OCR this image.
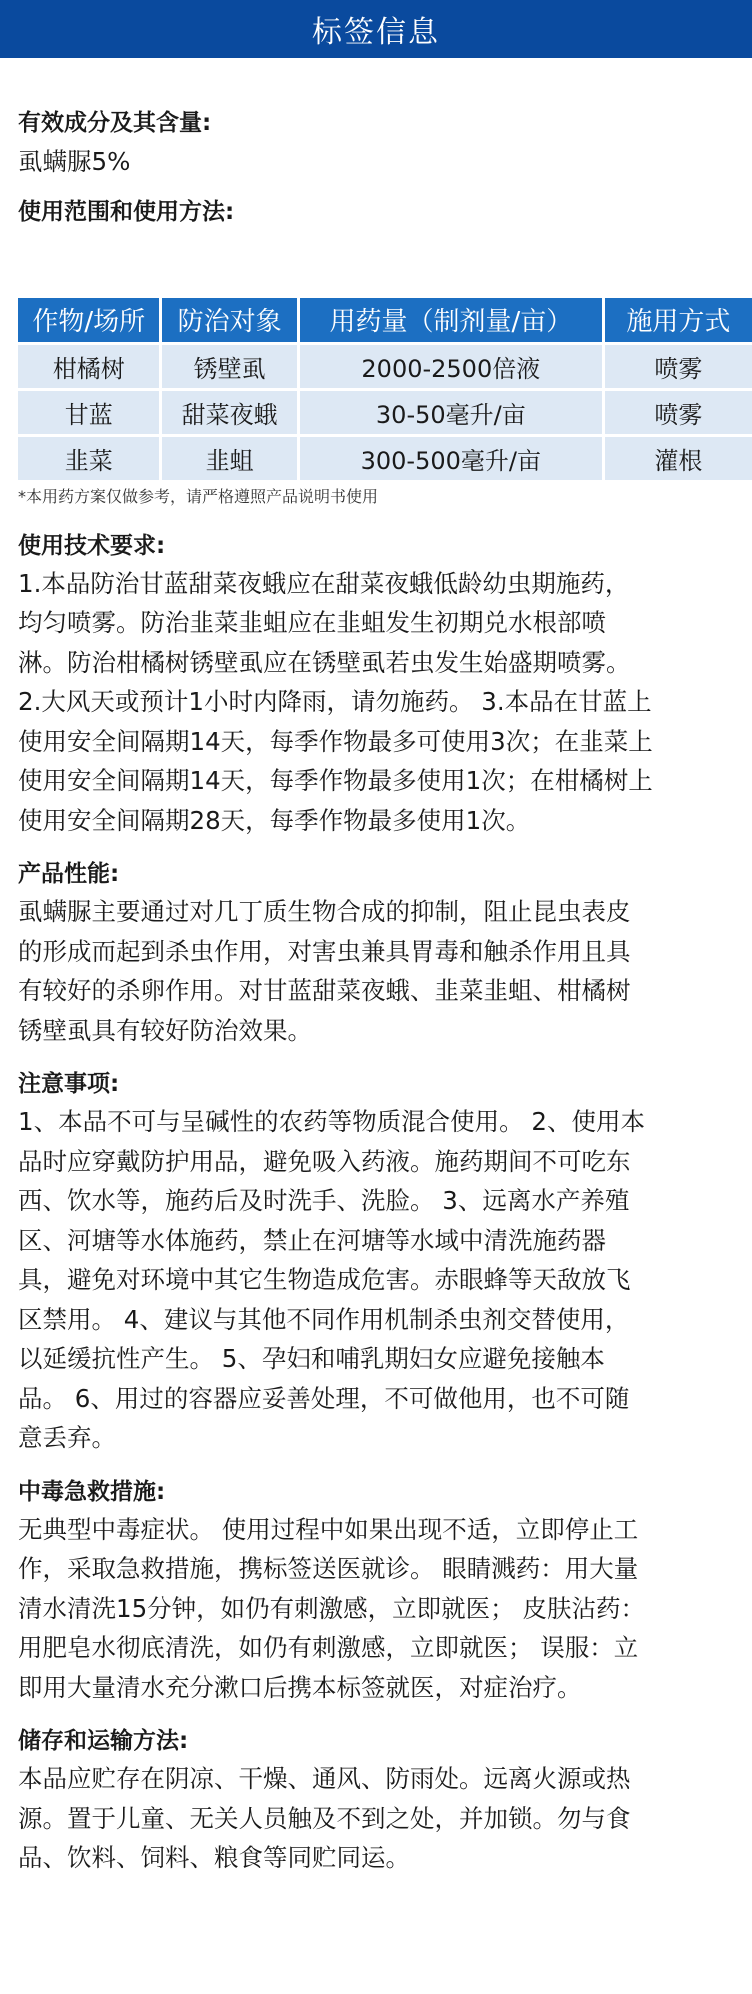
标签信息

有效成分及其含量:

虱螨脲5%

使用范围和使用方法:

作物/场所	防治对象	用药量（制剂量/亩）	施用方式
柑橘树	锈壁虱	2000-2500倍液	喷雾
甘蓝	甜菜夜蛾	30-50毫升/亩	喷雾
韭菜	韭蛆	300-500毫升/亩	灌根

*本用药方案仅做参考，请严格遵照产品说明书使用

使用技术要求:

1.本品防治甘蓝甜菜夜蛾应在甜菜夜蛾低龄幼虫期施药，

均匀喷雾。防治韭菜韭蛆应在韭蛆发生初期兑水根部喷

淋。防治柑橘树锈壁虱应在锈壁虱若虫发生始盛期喷雾。

2.大风天或预计1小时内降雨，请勿施药。 3.本品在甘蓝上

使用安全间隔期14天，每季作物最多可使用3次；在韭菜上

使用安全间隔期14天，每季作物最多使用1次；在柑橘树上

使用安全间隔期28天，每季作物最多使用1次。

产品性能:

虱螨脲主要通过对几丁质生物合成的抑制，阻止昆虫表皮

的形成而起到杀虫作用，对害虫兼具胃毒和触杀作用且具

有较好的杀卵作用。对甘蓝甜菜夜蛾、韭菜韭蛆、柑橘树

锈壁虱具有较好防治效果。

注意事项:

1、本品不可与呈碱性的农药等物质混合使用。 2、使用本

品时应穿戴防护用品，避免吸入药液。施药期间不可吃东

西、饮水等，施药后及时洗手、洗脸。 3、远离水产养殖

区、河塘等水体施药，禁止在河塘等水域中清洗施药器

具，避免对环境中其它生物造成危害。赤眼蜂等天敌放飞

区禁用。 4、建议与其他不同作用机制杀虫剂交替使用，

以延缓抗性产生。 5、孕妇和哺乳期妇女应避免接触本

品。 6、用过的容器应妥善处理，不可做他用，也不可随

意丢弃。

中毒急救措施:

无典型中毒症状。 使用过程中如果出现不适，立即停止工

作，采取急救措施，携标签送医就诊。 眼睛溅药：用大量

清水清洗15分钟，如仍有刺激感，立即就医； 皮肤沾药：

用肥皂水彻底清洗，如仍有刺激感，立即就医； 误服：立

即用大量清水充分漱口后携本标签就医，对症治疗。

储存和运输方法:

本品应贮存在阴凉、干燥、通风、防雨处。远离火源或热

源。置于儿童、无关人员触及不到之处，并加锁。勿与食

品、饮料、饲料、粮食等同贮同运。
